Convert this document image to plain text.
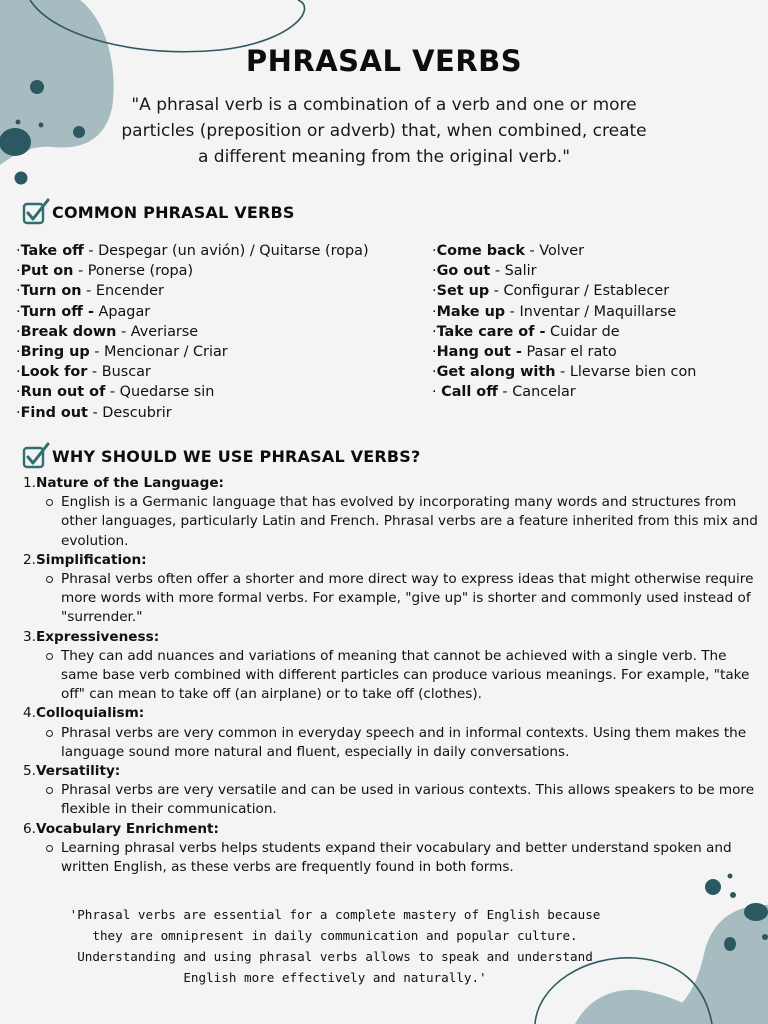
PHRASAL VERBS

"A phrasal verb is a combination of a verb and one or more particles (preposition or adverb) that, when combined, create a different meaning from the original verb."

COMMON PHRASAL VERBS
·Take off - Despegar (un avión) / Quitarse (ropa)
·Put on - Ponerse (ropa)
·Turn on - Encender
·Turn off - Apagar
·Break down - Averiarse
·Bring up - Mencionar / Criar
·Look for - Buscar
·Run out of - Quedarse sin
·Find out - Descubrir
·Come back - Volver
·Go out - Salir
·Set up - Configurar / Establecer
·Make up - Inventar / Maquillarse
·Take care of - Cuidar de
·Hang out - Pasar el rato
·Get along with - Llevarse bien con
· Call off - Cancelar
WHY SHOULD WE USE PHRASAL VERBS?
1. Nature of the Language:
English is a Germanic language that has evolved by incorporating many words and structures from other languages, particularly Latin and French. Phrasal verbs are a feature inherited from this mix and evolution.
2. Simplification:
Phrasal verbs often offer a shorter and more direct way to express ideas that might otherwise require more words with more formal verbs. For example, "give up" is shorter and commonly used instead of "surrender."
3. Expressiveness:
They can add nuances and variations of meaning that cannot be achieved with a single verb. The same base verb combined with different particles can produce various meanings. For example, "take off" can mean to take off (an airplane) or to take off (clothes).
4. Colloquialism:
Phrasal verbs are very common in everyday speech and in informal contexts. Using them makes the language sound more natural and fluent, especially in daily conversations.
5. Versatility:
Phrasal verbs are very versatile and can be used in various contexts. This allows speakers to be more flexible in their communication.
6. Vocabulary Enrichment:
Learning phrasal verbs helps students expand their vocabulary and better understand spoken and written English, as these verbs are frequently found in both forms.

'Phrasal verbs are essential for a complete mastery of English because they are omnipresent in daily communication and popular culture. Understanding and using phrasal verbs allows to speak and understand English more effectively and naturally.'
